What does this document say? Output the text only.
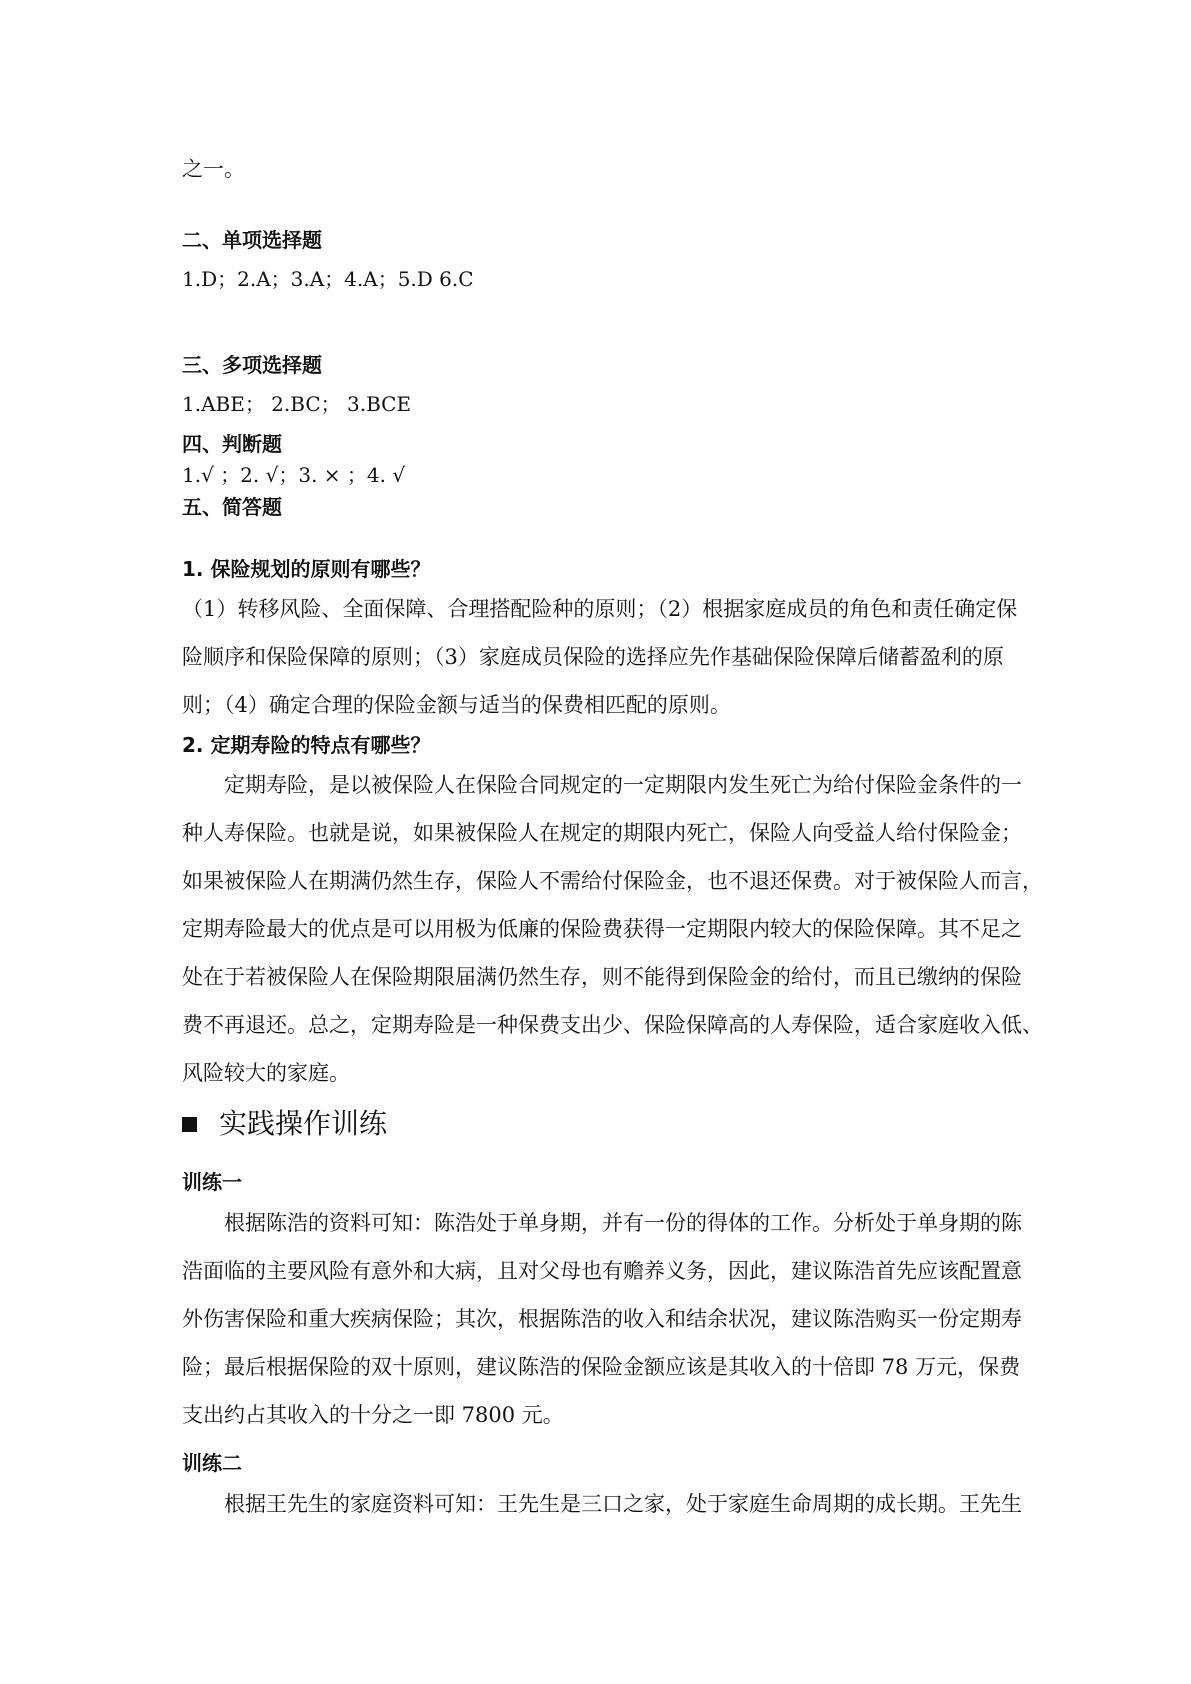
之一。
二、单项选择题
1.D；2.A；3.A；4.A；5.D 6.C
三、多项选择题
1.ABE； 2.BC； 3.BCE
四、判断题
1.√ ；2. √；3. × ；4. √
五、简答题
1. 保险规划的原则有哪些？
（1）转移风险、全面保障、合理搭配险种的原则；（2）根据家庭成员的角色和责任确定保
险顺序和保险保障的原则；（3）家庭成员保险的选择应先作基础保险保障后储蓄盈利的原
则；（4）确定合理的保险金额与适当的保费相匹配的原则。
2. 定期寿险的特点有哪些？
定期寿险，是以被保险人在保险合同规定的一定期限内发生死亡为给付保险金条件的一
种人寿保险。也就是说，如果被保险人在规定的期限内死亡，保险人向受益人给付保险金；
如果被保险人在期满仍然生存，保险人不需给付保险金，也不退还保费。对于被保险人而言，
定期寿险最大的优点是可以用极为低廉的保险费获得一定期限内较大的保险保障。其不足之
处在于若被保险人在保险期限届满仍然生存，则不能得到保险金的给付，而且已缴纳的保险
费不再退还。总之，定期寿险是一种保费支出少、保险保障高的人寿保险，适合家庭收入低、
风险较大的家庭。
实践操作训练
训练一
根据陈浩的资料可知：陈浩处于单身期，并有一份的得体的工作。分析处于单身期的陈
浩面临的主要风险有意外和大病，且对父母也有赡养义务，因此，建议陈浩首先应该配置意
外伤害保险和重大疾病保险；其次，根据陈浩的收入和结余状况，建议陈浩购买一份定期寿
险；最后根据保险的双十原则，建议陈浩的保险金额应该是其收入的十倍即 78 万元，保费
支出约占其收入的十分之一即 7800 元。
训练二
根据王先生的家庭资料可知：王先生是三口之家，处于家庭生命周期的成长期。王先生
